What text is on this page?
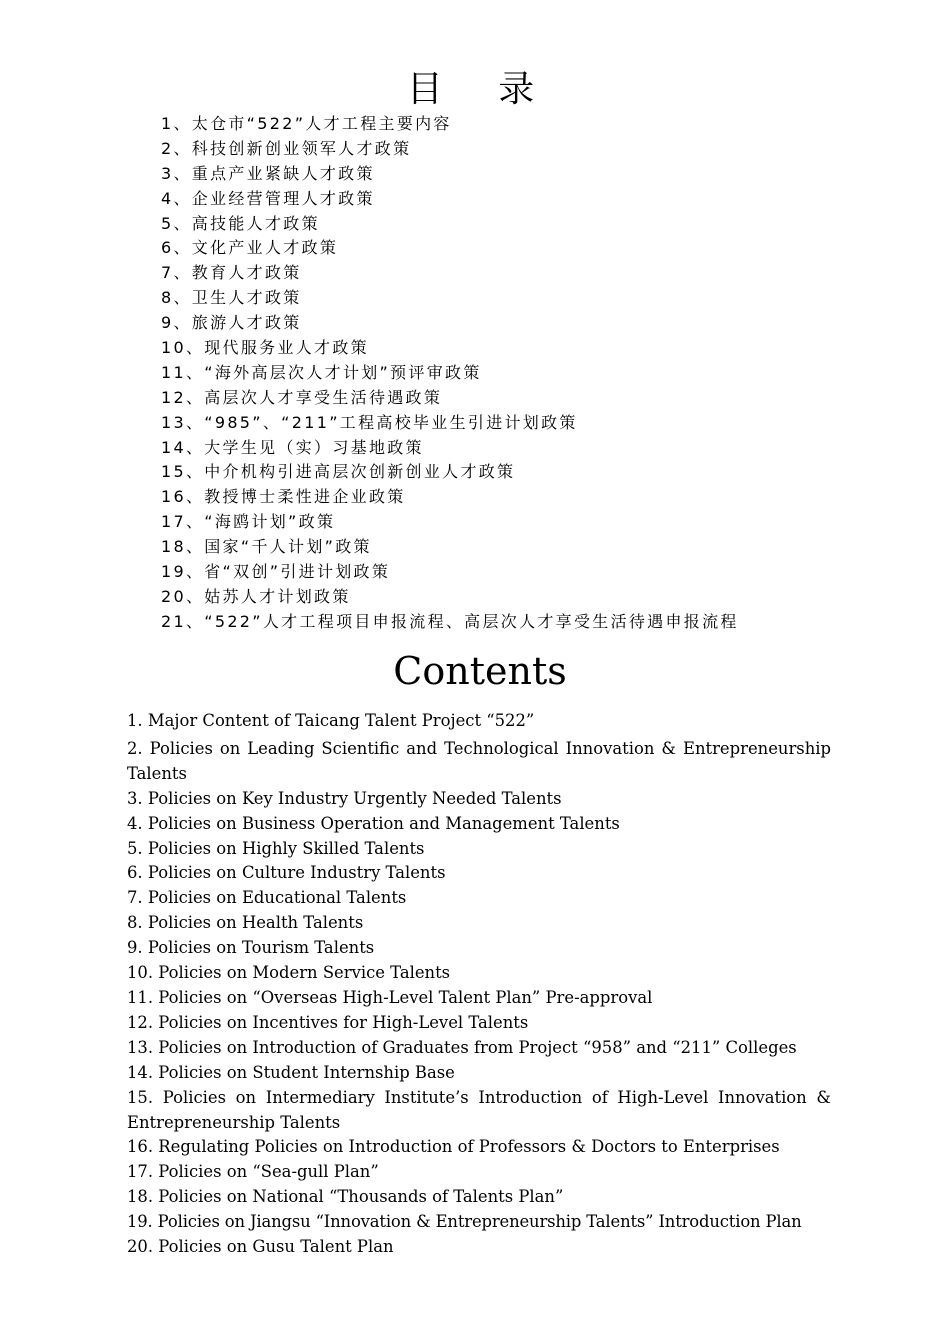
目 录
1、太仓市“522”人才工程主要内容
2、科技创新创业领军人才政策
3、重点产业紧缺人才政策
4、企业经营管理人才政策
5、高技能人才政策
6、文化产业人才政策
7、教育人才政策
8、卫生人才政策
9、旅游人才政策
10、现代服务业人才政策
11、“海外高层次人才计划”预评审政策
12、高层次人才享受生活待遇政策
13、“985”、“211”工程高校毕业生引进计划政策
14、大学生见（实）习基地政策
15、中介机构引进高层次创新创业人才政策
16、教授博士柔性进企业政策
17、“海鸥计划”政策
18、国家“千人计划”政策
19、省“双创”引进计划政策
20、姑苏人才计划政策
21、“522”人才工程项目申报流程、高层次人才享受生活待遇申报流程
Contents
1. Major Content of Taicang Talent Project “522”
2. Policies on Leading Scientific and Technological Innovation & Entrepreneurship Talents
3. Policies on Key Industry Urgently Needed Talents
4. Policies on Business Operation and Management Talents
5. Policies on Highly Skilled Talents
6. Policies on Culture Industry Talents
7. Policies on Educational Talents
8. Policies on Health Talents
9. Policies on Tourism Talents
10. Policies on Modern Service Talents
11. Policies on “Overseas High-Level Talent Plan” Pre-approval
12. Policies on Incentives for High-Level Talents
13. Policies on Introduction of Graduates from Project “958” and “211” Colleges
14. Policies on Student Internship Base
15. Policies on Intermediary Institute’s Introduction of High-Level Innovation & Entrepreneurship Talents
16. Regulating Policies on Introduction of Professors & Doctors to Enterprises
17. Policies on “Sea-gull Plan”
18. Policies on National “Thousands of Talents Plan”
19. Policies on Jiangsu “Innovation & Entrepreneurship Talents” Introduction Plan
20. Policies on Gusu Talent Plan
